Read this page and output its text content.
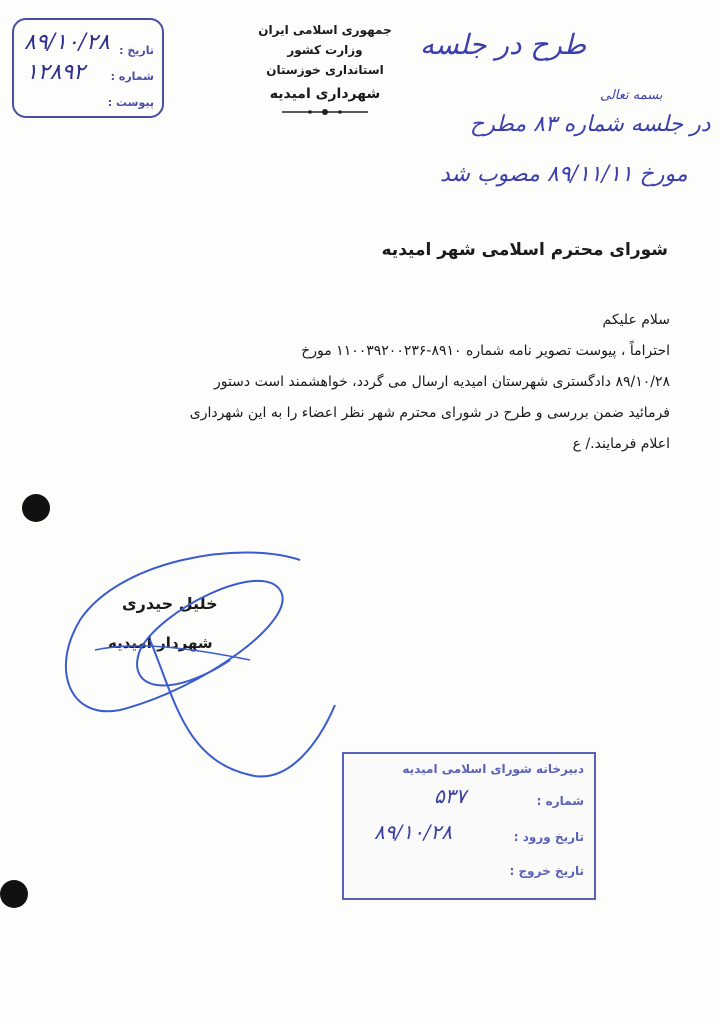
جمهوری اسلامی ایران
وزارت کشور
استانداری خوزستان
شهرداری امیدیه
تاریخ :
شماره :
پیوست :
۸۹/۱۰/۲۸
۱۲۸۹۲
طرح در جلسه
بسمه تعالی
در جلسه شماره ۸۳ مطرح
مورخ ۸۹/۱۱/۱۱ مصوب شد
شورای محترم اسلامی شهر امیدیه

سلام علیکم

احتراماً ، پیوست تصویر نامه شماره ۸۹۱۰-۱۱۰۰۳۹۲۰۰۲۳۶ مورخ

۸۹/۱۰/۲۸ دادگستری شهرستان امیدیه ارسال می گردد، خواهشمند است دستور

فرمائید ضمن بررسی و طرح در شورای محترم شهر نظر اعضاء را به این شهرداری

اعلام فرمایند./ ع

خلیل حیدری
شهردار امیدیه
دبیرخانه شورای اسلامی امیدیه
شماره :
۵۳۷
تاریخ ورود :
۸۹/۱۰/۲۸
تاریخ خروج :
